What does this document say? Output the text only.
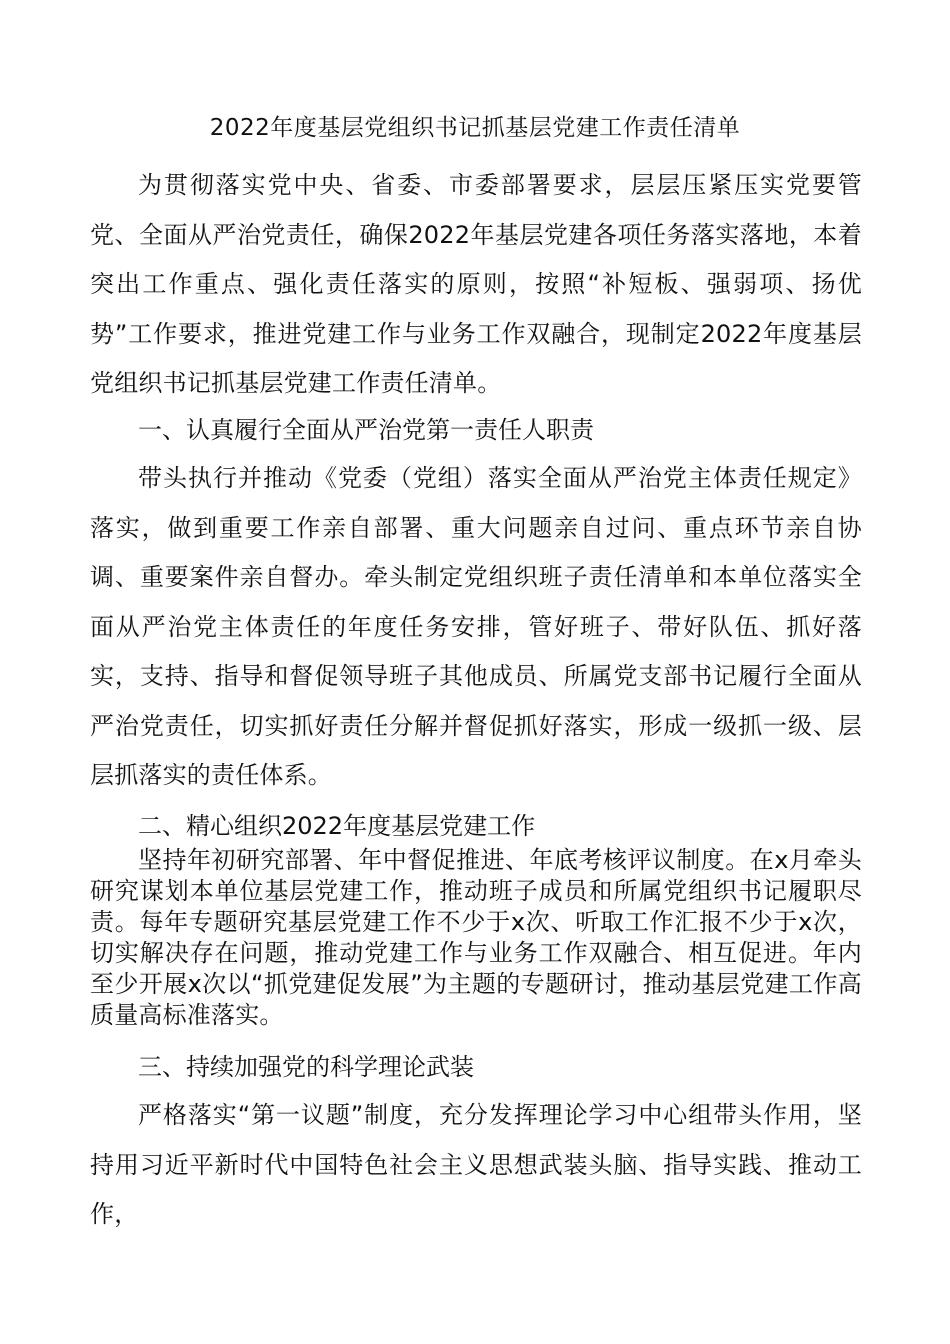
2022年度基层党组织书记抓基层党建工作责任清单

为贯彻落实党中央、省委、市委部署要求，层层压紧压实党要管党、全面从严治党责任，确保2022年基层党建各项任务落实落地，本着突出工作重点、强化责任落实的原则，按照“补短板、强弱项、扬优势”工作要求，推进党建工作与业务工作双融合，现制定2022年度基层党组织书记抓基层党建工作责任清单。

一、认真履行全面从严治党第一责任人职责

带头执行并推动《党委（党组）落实全面从严治党主体责任规定》落实，做到重要工作亲自部署、重大问题亲自过问、重点环节亲自协调、重要案件亲自督办。牵头制定党组织班子责任清单和本单位落实全面从严治党主体责任的年度任务安排，管好班子、带好队伍、抓好落实，支持、指导和督促领导班子其他成员、所属党支部书记履行全面从严治党责任，切实抓好责任分解并督促抓好落实，形成一级抓一级、层层抓落实的责任体系。

二、精心组织2022年度基层党建工作

坚持年初研究部署、年中督促推进、年底考核评议制度。在x月牵头研究谋划本单位基层党建工作，推动班子成员和所属党组织书记履职尽责。每年专题研究基层党建工作不少于x次、听取工作汇报不少于x次，切实解决存在问题，推动党建工作与业务工作双融合、相互促进。年内至少开展x次以“抓党建促发展”为主题的专题研讨，推动基层党建工作高质量高标准落实。

三、持续加强党的科学理论武装

严格落实“第一议题”制度，充分发挥理论学习中心组带头作用，坚持用习近平新时代中国特色社会主义思想武装头脑、指导实践、推动工作，
